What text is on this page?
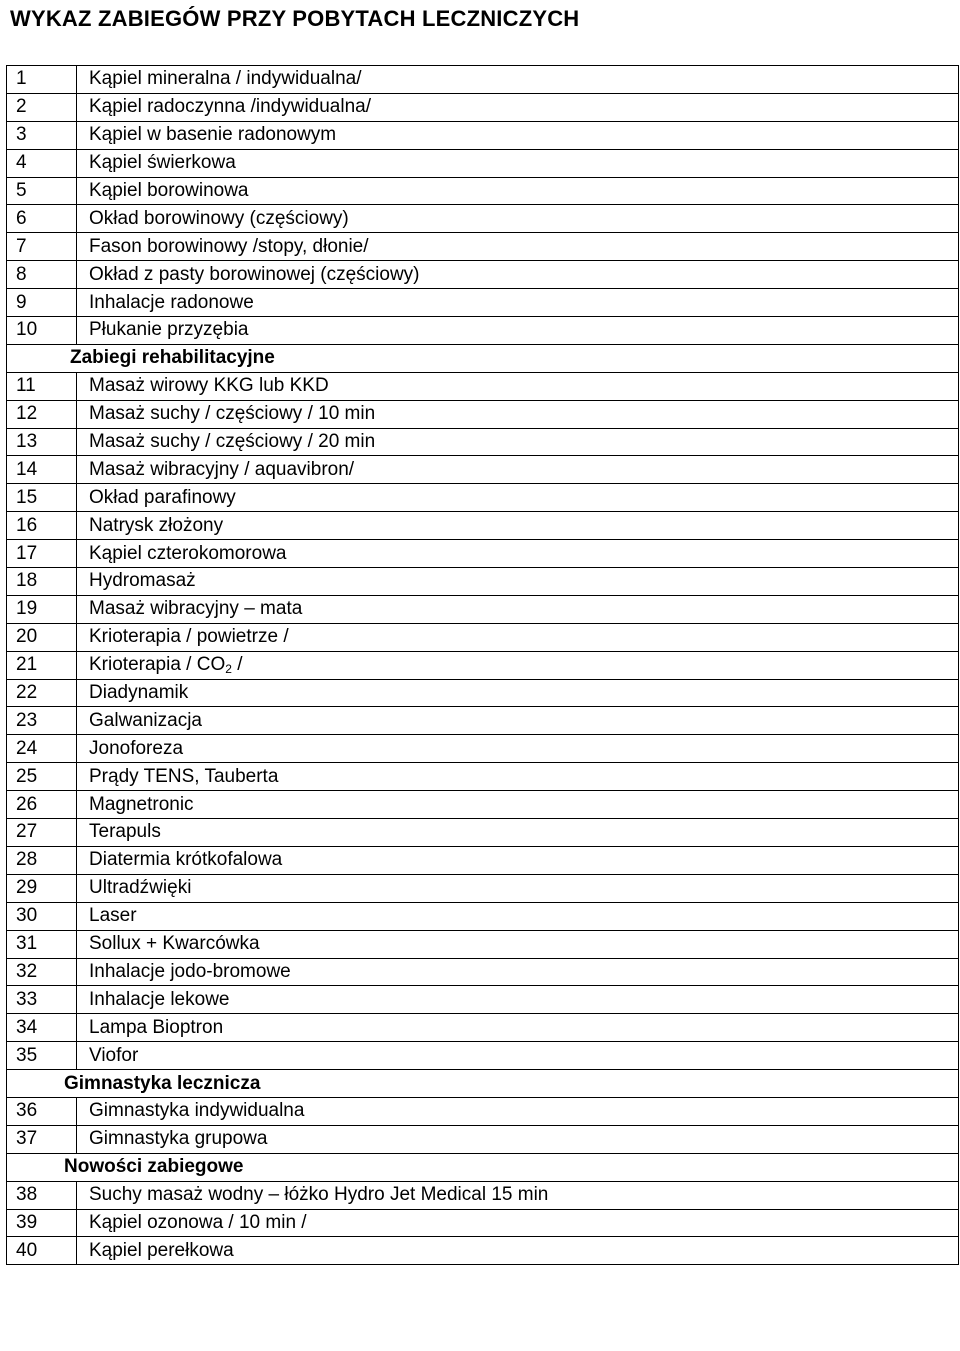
WYKAZ ZABIEGÓW PRZY POBYTACH LECZNICZYCH
1	Kąpiel mineralna / indywidualna/
2	Kąpiel radoczynna /indywidualna/
3	Kąpiel w basenie radonowym
4	Kąpiel świerkowa
5	Kąpiel borowinowa
6	Okład borowinowy (częściowy)
7	Fason borowinowy /stopy, dłonie/
8	Okład z pasty borowinowej (częściowy)
9	Inhalacje radonowe
10	Płukanie przyzębia
Zabiegi rehabilitacyjne	
11	Masaż wirowy KKG lub KKD
12	Masaż suchy / częściowy / 10 min
13	Masaż suchy / częściowy / 20 min
14	Masaż wibracyjny / aquavibron/
15	Okład parafinowy
16	Natrysk złożony
17	Kąpiel czterokomorowa
18	Hydromasaż
19	Masaż wibracyjny – mata
20	Krioterapia / powietrze /
21	Krioterapia / $CO_2$ /
22	Diadynamik
23	Galwanizacja
24	Jonoforeza
25	Prądy TENS, Tauberta
26	Magnetronic
27	Terapuls
28	Diatermia krótkofalowa
29	Ultradźwięki
30	Laser
31	Sollux + Kwarcówka
32	Inhalacje jodo-bromowe
33	Inhalacje lekowe
34	Lampa Bioptron
35	Viofor
Gimnastyka lecznicza	
36	Gimnastyka indywidualna
37	Gimnastyka grupowa
Nowości zabiegowe	
38	Suchy masaż wodny – łóżko Hydro Jet Medical 15 min
39	Kąpiel ozonowa / 10 min /
40	Kąpiel perełkowa
